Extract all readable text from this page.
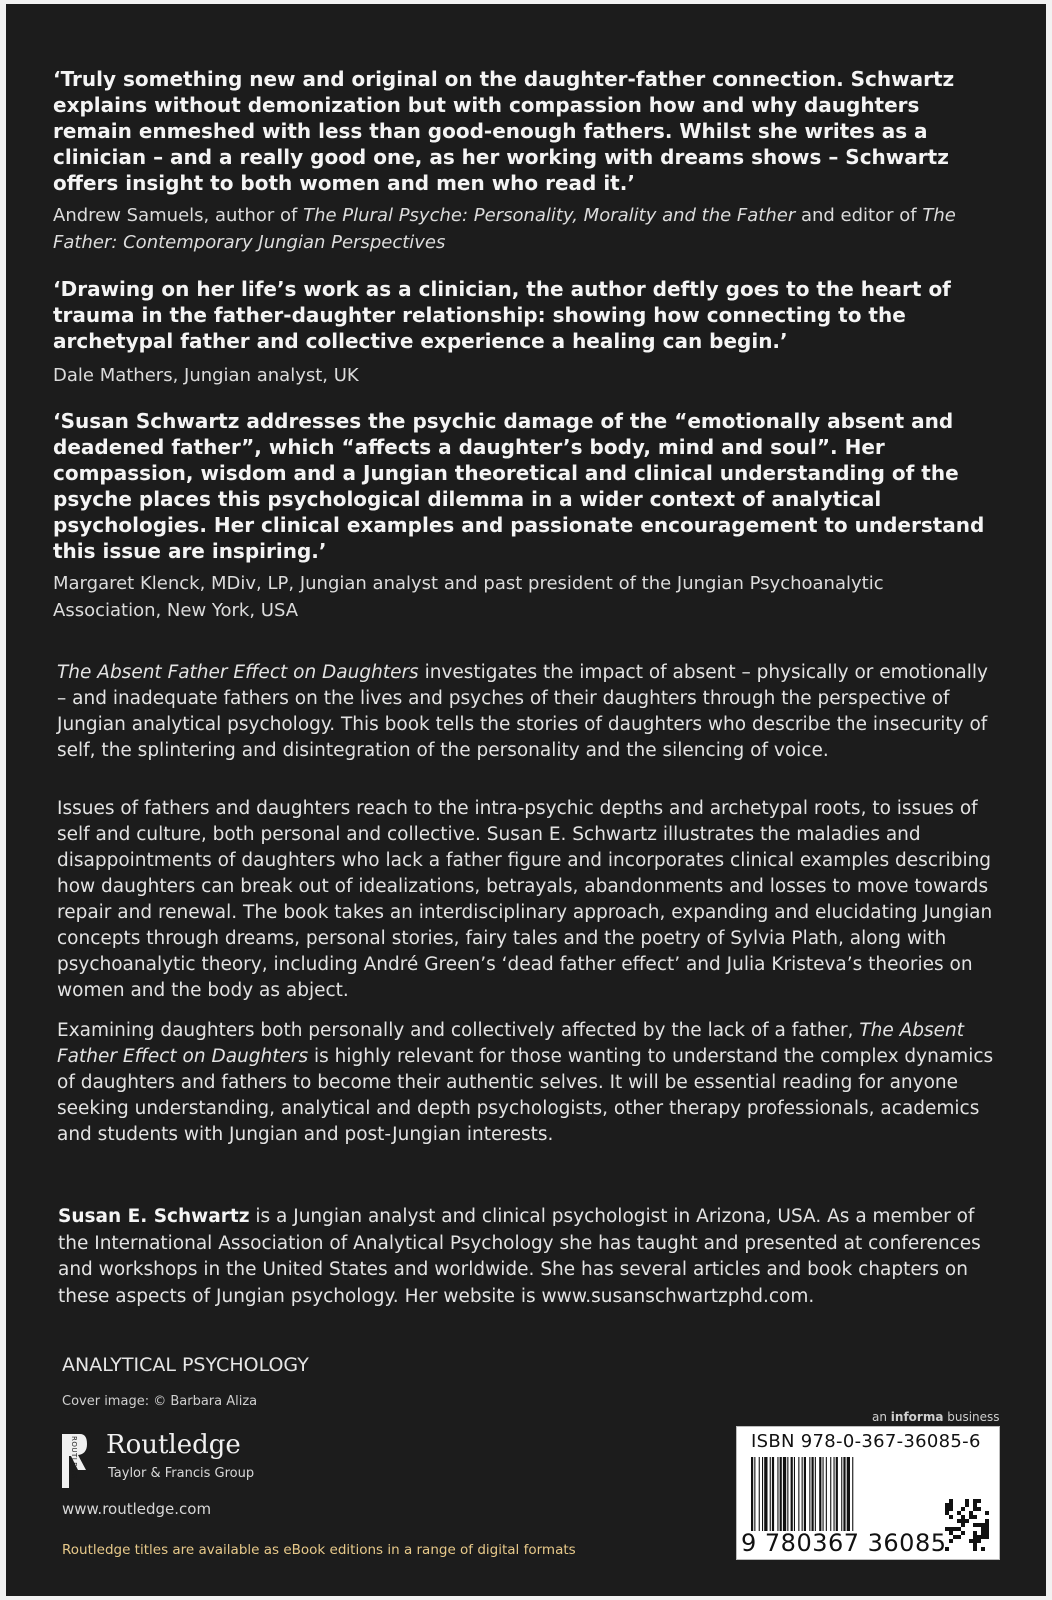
‘Truly something new and original on the daughter-father connection. Schwartz explains without demonization but with compassion how and why daughters remain enmeshed with less than good-enough fathers. Whilst she writes as a clinician – and a really good one, as her working with dreams shows – Schwartz offers insight to both women and men who read it.’

Andrew Samuels, author of The Plural Psyche: Personality, Morality and the Father and editor of The Father: Contemporary Jungian Perspectives

‘Drawing on her life’s work as a clinician, the author deftly goes to the heart of trauma in the father-daughter relationship: showing how connecting to the archetypal father and collective experience a healing can begin.’

Dale Mathers, Jungian analyst, UK

‘Susan Schwartz addresses the psychic damage of the “emotionally absent and deadened father”, which “affects a daughter’s body, mind and soul”. Her compassion, wisdom and a Jungian theoretical and clinical understanding of the psyche places this psychological dilemma in a wider context of analytical psychologies. Her clinical examples and passionate encouragement to understand this issue are inspiring.’

Margaret Klenck, MDiv, LP, Jungian analyst and past president of the Jungian Psychoanalytic Association, New York, USA

The Absent Father Effect on Daughters investigates the impact of absent – physically or emotionally – and inadequate fathers on the lives and psyches of their daughters through the perspective of Jungian analytical psychology. This book tells the stories of daughters who describe the insecurity of self, the splintering and disintegration of the personality and the silencing of voice.

Issues of fathers and daughters reach to the intra-psychic depths and archetypal roots, to issues of self and culture, both personal and collective. Susan E. Schwartz illustrates the maladies and disappointments of daughters who lack a father figure and incorporates clinical examples describing how daughters can break out of idealizations, betrayals, abandonments and losses to move towards repair and renewal. The book takes an interdisciplinary approach, expanding and elucidating Jungian concepts through dreams, personal stories, fairy tales and the poetry of Sylvia Plath, along with psychoanalytic theory, including André Green’s ‘dead father effect’ and Julia Kristeva’s theories on women and the body as abject.

Examining daughters both personally and collectively affected by the lack of a father, The Absent Father Effect on Daughters is highly relevant for those wanting to understand the complex dynamics of daughters and fathers to become their authentic selves. It will be essential reading for anyone seeking understanding, analytical and depth psychologists, other therapy professionals, academics and students with Jungian and post-Jungian interests.

Susan E. Schwartz is a Jungian analyst and clinical psychologist in Arizona, USA. As a member of the International Association of Analytical Psychology she has taught and presented at conferences and workshops in the United States and worldwide. She has several articles and book chapters on these aspects of Jungian psychology. Her website is www.susanschwartzphd.com.

ANALYTICAL PSYCHOLOGY
Cover image: © Barbara Aliza
ROUTLEDGE Routledge
Taylor & Francis Group
www.routledge.com
Routledge titles are available as eBook editions in a range of digital formats
an informa business
ISBN 978-0-367-36085-6
9 780367 36085
